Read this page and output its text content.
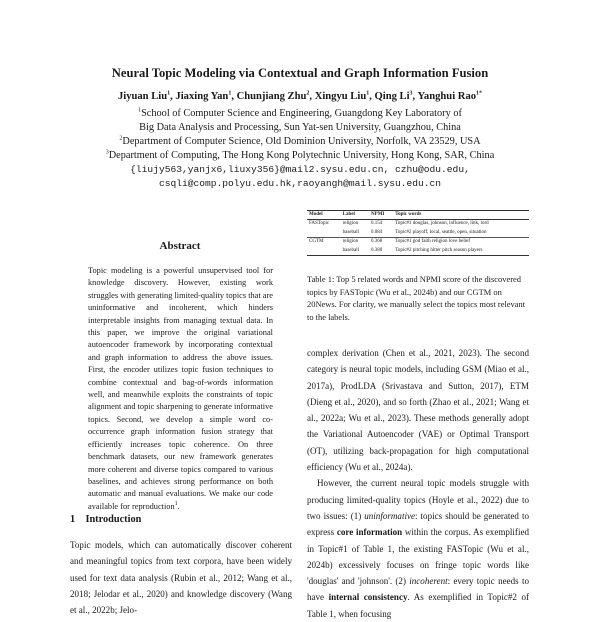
Neural Topic Modeling via Contextual and Graph Information Fusion
Jiyuan Liu$^1$, Jiaxing Yan$^1$, Chunjiang Zhu$^2$, Xingyu Liu$^1$, Qing Li$^3$, Yanghui Rao$^{1*}$
$^1$School of Computer Science and Engineering, Guangdong Key Laboratory of
Big Data Analysis and Processing, Sun Yat-sen University, Guangzhou, China
$^2$Department of Computer Science, Old Dominion University, Norfolk, VA 23529, USA
$^3$Department of Computing, The Hong Kong Polytechnic University, Hong Kong, SAR, China
{liujy563,yanjx6,liuxy356}@mail2.sysu.edu.cn, czhu@odu.edu,
csqli@comp.polyu.edu.hk,raoyangh@mail.sysu.edu.cn
Abstract
Topic modeling is a powerful unsupervised tool for knowledge discovery. However, existing work struggles with generating limited-quality topics that are uninformative and incoherent, which hinders interpretable insights from managing textual data. In this paper, we improve the original variational autoencoder framework by incorporating contextual and graph information to address the above issues. First, the encoder utilizes topic fusion techniques to combine contextual and bag-of-words information well, and meanwhile exploits the constraints of topic alignment and topic sharpening to generate informative topics. Second, we develop a simple word co-occurrence graph information fusion strategy that efficiently increases topic coherence. On three benchmark datasets, our new framework generates more coherent and diverse topics compared to various baselines, and achieves strong performance on both automatic and manual evaluations. We make our code available for reproduction$^1$.
Model	Label	NPMI	Topic words
FASTopic	religion	0.154	Topic#1 douglas, johnson, influence, link, lord
	baseball	0.084	Topic#2 playoff, local, seattle, open, situation
CGTM	religion	0.368	Topic#1 god faith religion love belief
	baseball	0.380	Topic#2 pitching hitter pitch season players
Table 1: Top 5 related words and NPMI score of the discovered topics by FASTopic (Wu et al., 2024b) and our CGTM on 20News. For clarity, we manually select the topics most relevant to the labels.
1 Introduction
Topic models, which can automatically discover coherent and meaningful topics from text corpora, have been widely used for text data analysis (Rubin et al., 2012; Wang et al., 2018; Jelodar et al., 2020) and knowledge discovery (Wang et al., 2022b; Jelo-

complex derivation (Chen et al., 2021, 2023). The second category is neural topic models, including GSM (Miao et al., 2017a), ProdLDA (Srivastava and Sutton, 2017), ETM (Dieng et al., 2020), and so forth (Zhao et al., 2021; Wang et al., 2022a; Wu et al., 2023). These methods generally adopt the Variational Autoencoder (VAE) or Optimal Transport (OT), utilizing back-propagation for high computational efficiency (Wu et al., 2024a).

However, the current neural topic models struggle with producing limited-quality topics (Hoyle et al., 2022) due to two issues: (1) uninformative: topics should be generated to express core information within the corpus. As exemplified in Topic#1 of Table 1, the existing FASTopic (Wu et al., 2024b) excessively focuses on fringe topic words like 'douglas' and 'johnson'. (2) incoherent: every topic needs to have internal consistency. As exemplified in Topic#2 of Table 1, when focusing
